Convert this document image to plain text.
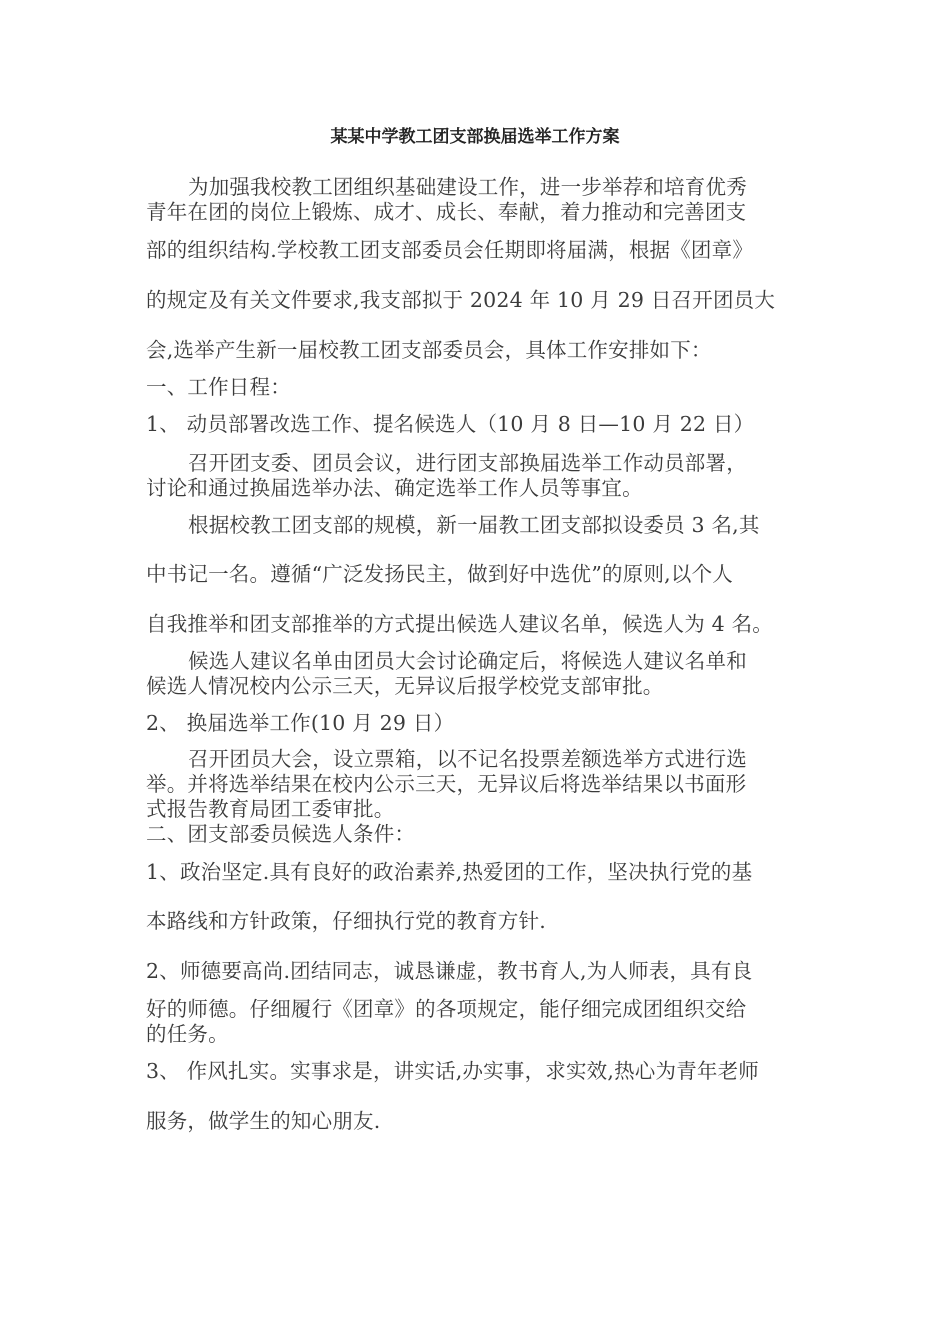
某某中学教工团支部换届选举工作方案
为加强我校教工团组织基础建设工作，进一步举荐和培育优秀
青年在团的岗位上锻炼、成才、成长、奉献，着力推动和完善团支
部的组织结构.学校教工团支部委员会任期即将届满，根据《团章》
的规定及有关文件要求,我支部拟于 2024 年 10 月 29 日召开团员大
会,选举产生新一届校教工团支部委员会，具体工作安排如下：
一、工作日程：
1、 动员部署改选工作、提名候选人（10 月 8 日—10 月 22 日）
召开团支委、团员会议，进行团支部换届选举工作动员部署，
讨论和通过换届选举办法、确定选举工作人员等事宜。
根据校教工团支部的规模，新一届教工团支部拟设委员 3 名,其
中书记一名。遵循“广泛发扬民主，做到好中选优”的原则,以个人
自我推举和团支部推举的方式提出候选人建议名单，候选人为 4 名。
候选人建议名单由团员大会讨论确定后，将候选人建议名单和
候选人情况校内公示三天，无异议后报学校党支部审批。
2、 换届选举工作(10 月 29 日）
召开团员大会，设立票箱，以不记名投票差额选举方式进行选
举。并将选举结果在校内公示三天，无异议后将选举结果以书面形
式报告教育局团工委审批。
二、团支部委员候选人条件：
1、政治坚定.具有良好的政治素养,热爱团的工作，坚决执行党的基
本路线和方针政策，仔细执行党的教育方针.
2、师德要高尚.团结同志，诚恳谦虚，教书育人,为人师表，具有良
好的师德。仔细履行《团章》的各项规定，能仔细完成团组织交给
的任务。
3、 作风扎实。实事求是，讲实话,办实事，求实效,热心为青年老师
服务，做学生的知心朋友.
